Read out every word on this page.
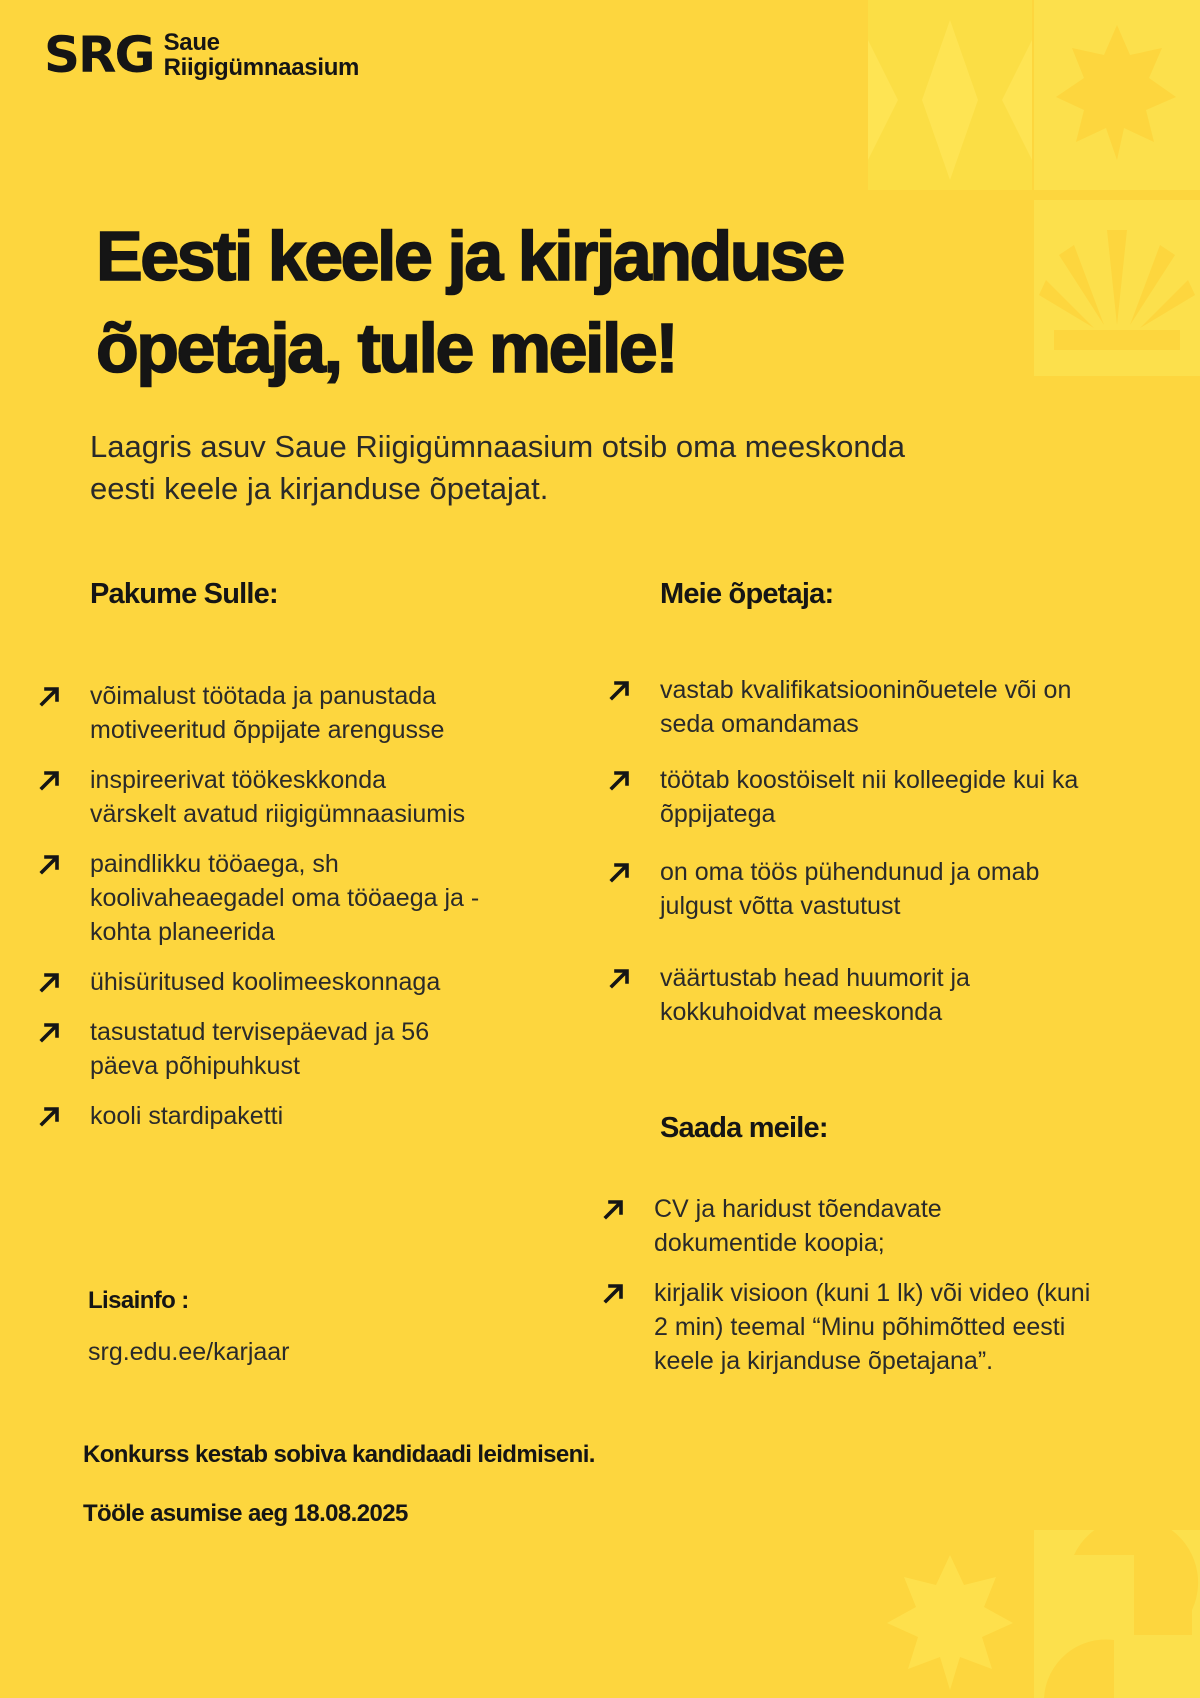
SRG Saue
Riigigümnaasium
Eesti keele ja kirjanduse
õpetaja, tule meile!

Laagris asuv Saue Riigigümnaasium otsib oma meeskonda
eesti keele ja kirjanduse õpetajat.

Pakume Sulle:
võimalust töötada ja panustada
motiveeritud õppijate arengusse
inspireerivat töökeskkonda
värskelt avatud riigigümnaasiumis
paindlikku tööaega, sh
koolivaheaegadel oma tööaega ja -
kohta planeerida
ühisüritused koolimeeskonnaga
tasustatud tervisepäevad ja 56
päeva põhipuhkust
kooli stardipaketti
Meie õpetaja:
vastab kvalifikatsiooninõuetele või on
seda omandamas
töötab koostöiselt nii kolleegide kui ka
õppijatega
on oma töös pühendunud ja omab
julgust võtta vastutust
väärtustab head huumorit ja
kokkuhoidvat meeskonda
Saada meile:
CV ja haridust tõendavate
dokumentide koopia;
kirjalik visioon (kuni 1 lk) või video (kuni
2 min) teemal “Minu põhimõtted eesti
keele ja kirjanduse õpetajana”.

Lisainfo :

srg.edu.ee/karjaar

Konkurss kestab sobiva kandidaadi leidmiseni.

Tööle asumise aeg 18.08.2025
